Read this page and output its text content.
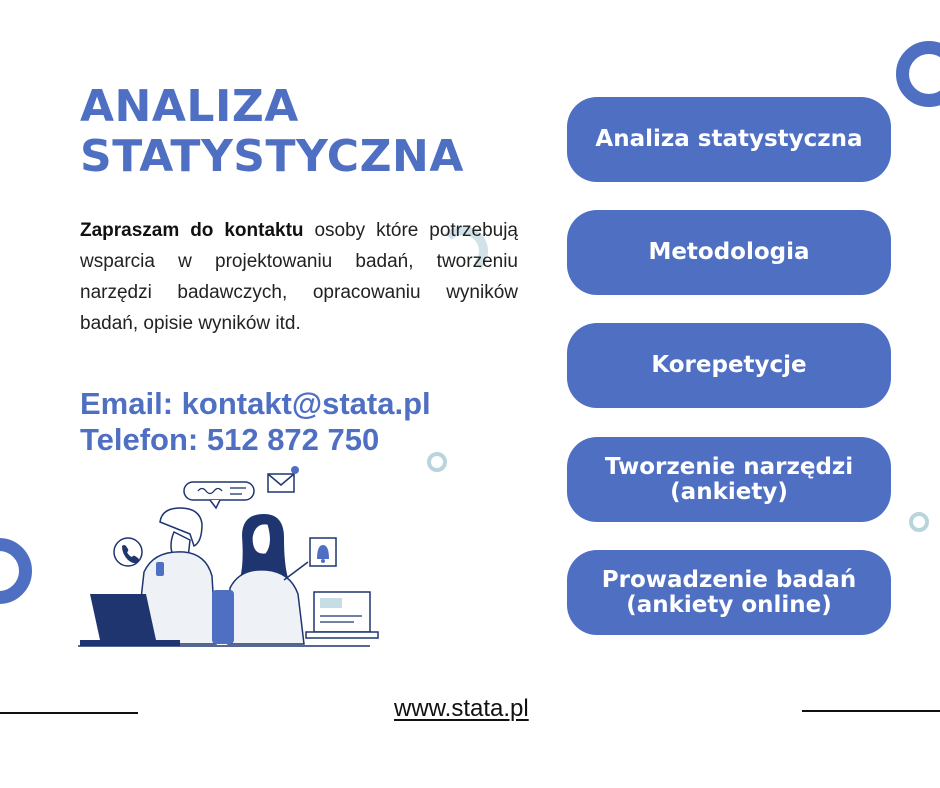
ANALIZA
STATYSTYCZNA
Zapraszam do kontaktu osoby które potrzebują wsparcia w projektowaniu badań, tworzeniu narzędzi badawczych, opracowaniu wyników badań, opisie wyników itd.
Email: kontakt@stata.pl
Telefon: 512 872 750
Analiza statystyczna
Metodologia
Korepetycje
Tworzenie narzędzi
(ankiety)
Prowadzenie badań
(ankiety online)
www.stata.pl
